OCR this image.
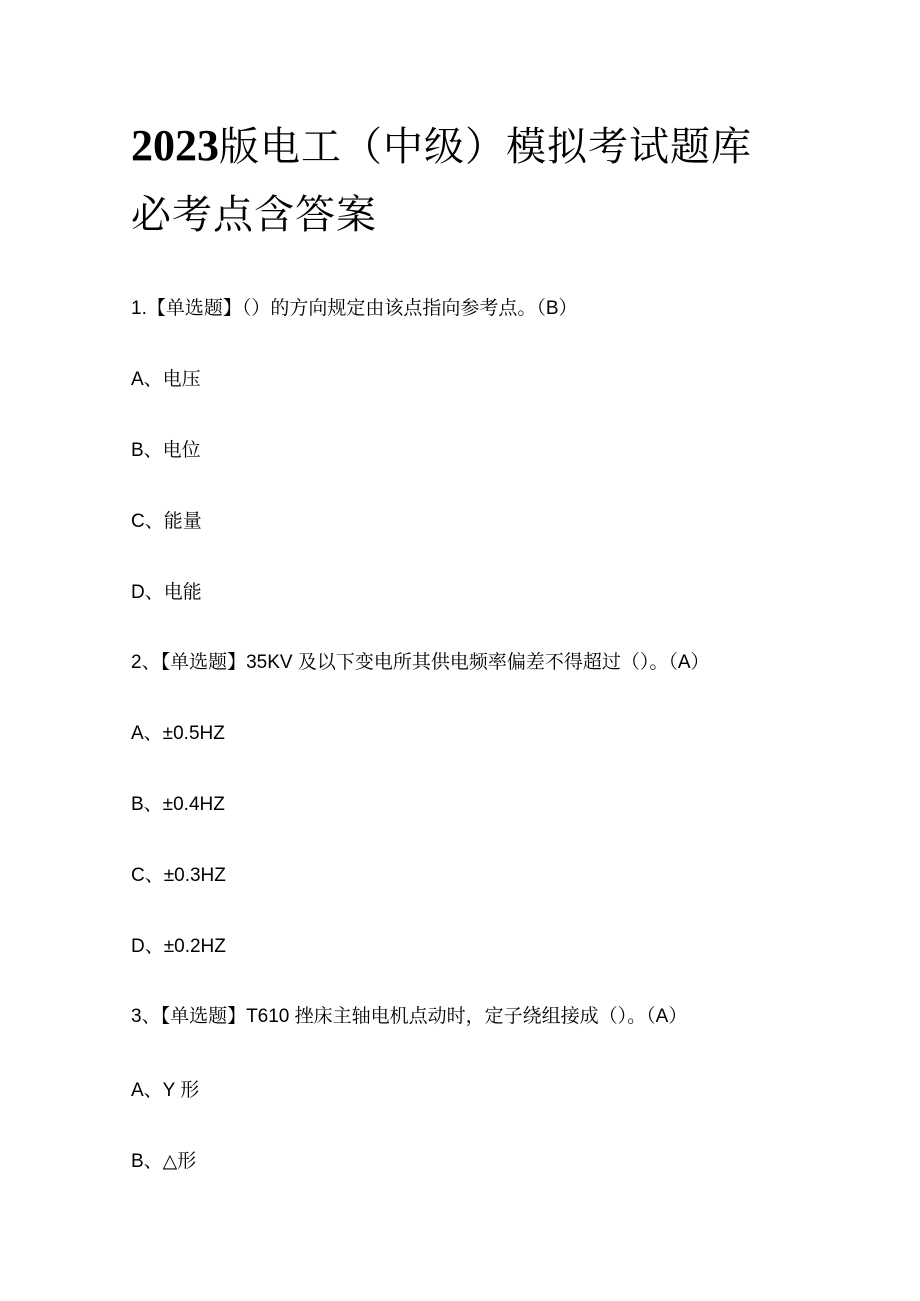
2023版电工（中级）模拟考试题库
必考点含答案

1.【单选题】（）的方向规定由该点指向参考点。（B）

A、电压

B、电位

C、能量

D、电能

2、【单选题】35KV 及以下变电所其供电频率偏差不得超过（）。（A）

A、±0.5HZ

B、±0.4HZ

C、±0.3HZ

D、±0.2HZ

3、【单选题】T610 挫床主轴电机点动时，定子绕组接成（）。（A）

A、Y 形

B、△形
